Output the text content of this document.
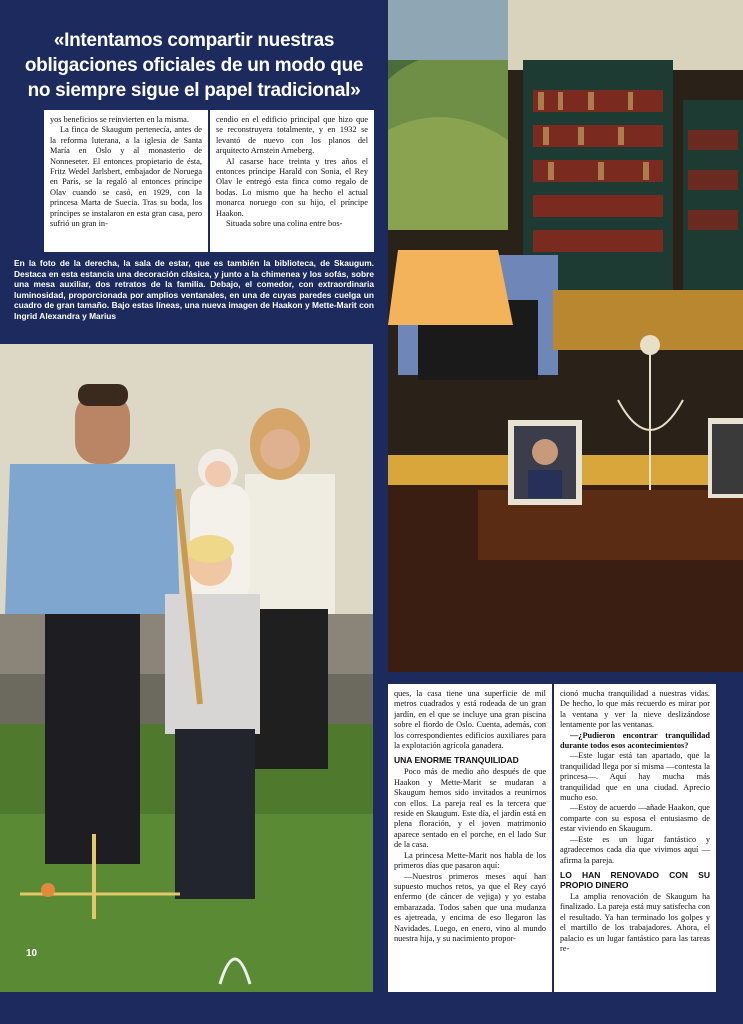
«Intentamos compartir nuestras obligaciones oficiales de un modo que no siempre sigue el papel tradicional»

yos beneficios se reinvierten en la misma.

La finca de Skaugum pertenecía, antes de la reforma luterana, a la iglesia de Santa María en Oslo y al monasterio de Nonneseter. El entonces propietario de ésta, Fritz Wedel Jarlsbert, embajador de Noruega en París, se la regaló al entonces príncipe Olav cuando se casó, en 1929, con la princesa Marta de Suecia. Tras su boda, los príncipes se instalaron en esta gran casa, pero sufrió un gran in-

cendio en el edificio principal que hizo que se reconstruyera totalmente, y en 1932 se levantó de nuevo con los planos del arquitecto Arnstein Arneberg.

Al casarse hace treinta y tres años el entonces príncipe Harald con Sonia, el Rey Olav le entregó esta finca como regalo de bodas. Lo mismo que ha hecho el actual monarca noruego con su hijo, el príncipe Haakon.

Situada sobre una colina entre bos-

En la foto de la derecha, la sala de estar, que es también la biblioteca, de Skaugum. Destaca en esta estancia una decoración clásica, y junto a la chimenea y los sofás, sobre una mesa auxiliar, dos retratos de la familia. Debajo, el comedor, con extraordinaria luminosidad, proporcionada por amplios ventanales, en una de cuyas paredes cuelga un cuadro de gran tamaño. Bajo estas líneas, una nueva imagen de Haakon y Mette-Marit con Ingrid Alexandra y Marius
10

ques, la casa tiene una superficie de mil metros cuadrados y está rodeada de un gran jardín, en el que se incluye una gran piscina sobre el fiordo de Oslo. Cuenta, además, con los correspondientes edificios auxiliares para la explotación agrícola ganadera.

UNA ENORME TRANQUILIDAD

Poco más de medio año después de que Haakon y Mette-Marit se mudaran a Skaugum hemos sido invitados a reunirnos con ellos. La pareja real es la tercera que reside en Skaugum. Este día, el jardín está en plena floración, y el joven matrimonio aparece sentado en el porche, en el lado Sur de la casa.

La princesa Mette-Marit nos habla de los primeros días que pasaron aquí:

—Nuestros primeros meses aquí han supuesto muchos retos, ya que el Rey cayó enfermo (de cáncer de vejiga) y yo estaba embarazada. Todos saben que una mudanza es ajetreada, y encima de eso llegaron las Navidades. Luego, en enero, vino al mundo nuestra hija, y su nacimiento propor-

cionó mucha tranquilidad a nuestras vidas. De hecho, lo que más recuerdo es mirar por la ventana y ver la nieve deslizándose lentamente por las ventanas.

—¿Pudieron encontrar tranquilidad durante todos esos acontecimientos?

—Este lugar está tan apartado, que la tranquilidad llega por sí misma —contesta la princesa—. Aquí hay mucha más tranquilidad que en una ciudad. Aprecio mucho eso.

—Estoy de acuerdo —añade Haakon, que comparte con su esposa el entusiasmo de estar viviendo en Skaugum.

—Este es un lugar fantástico y agradecemos cada día que vivimos aquí —afirma la pareja.

LO HAN RENOVADO CON SU PROPIO DINERO

La amplia renovación de Skaugum ha finalizado. La pareja está muy satisfecha con el resultado. Ya han terminado los golpes y el martillo de los trabajadores. Ahora, el palacio es un lugar fantástico para las tareas re-
